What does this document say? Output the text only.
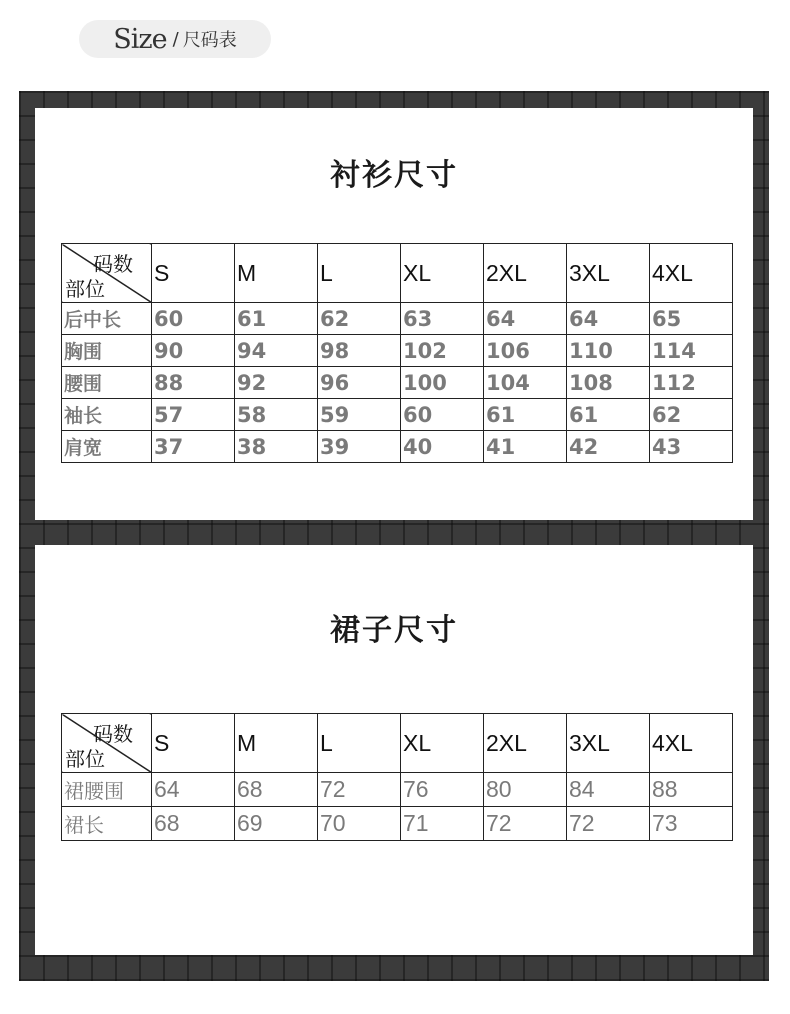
Size / 尺码表
衬衫尺寸
码数
部位	S	M	L	XL	2XL	3XL	4XL
后中长	60	61	62	63	64	64	65
胸围	90	94	98	102	106	110	114
腰围	88	92	96	100	104	108	112
袖长	57	58	59	60	61	61	62
肩宽	37	38	39	40	41	42	43
裙子尺寸
码数
部位	S	M	L	XL	2XL	3XL	4XL
裙腰围	64	68	72	76	80	84	88
裙长	68	69	70	71	72	72	73
